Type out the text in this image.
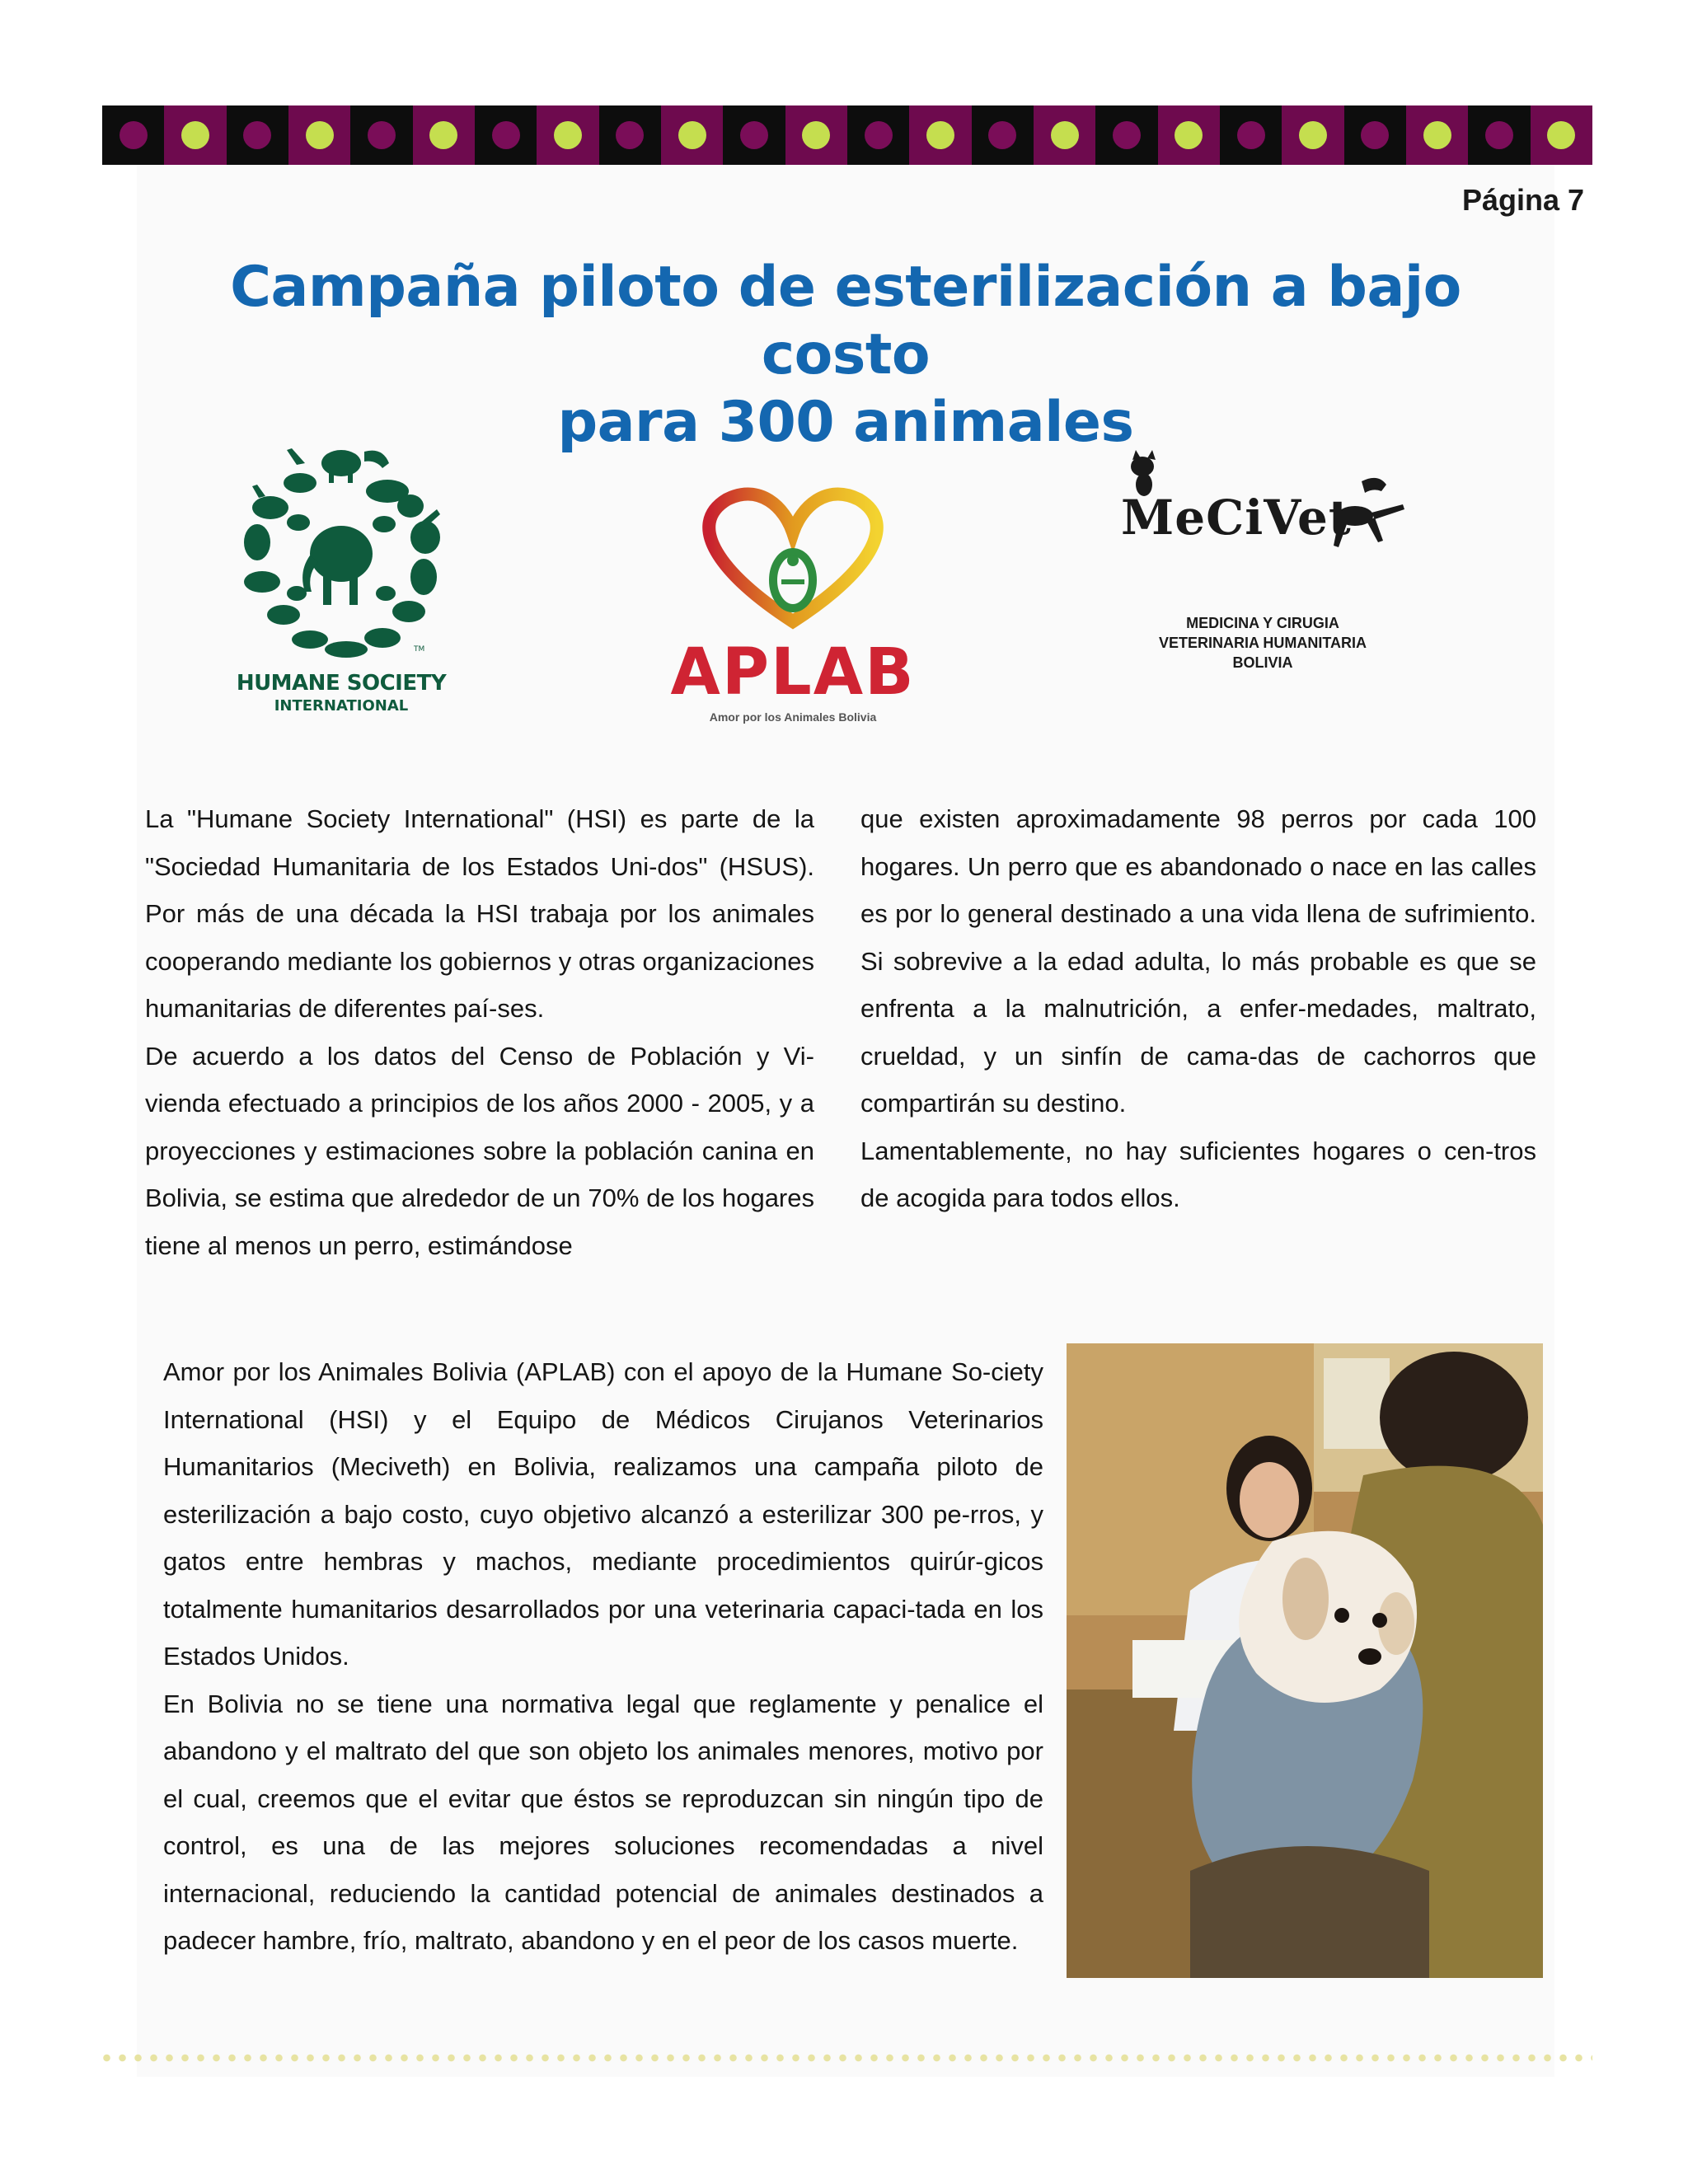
Página 7
Campaña piloto de esterilización a bajo costo
para 300 animales
TM
HUMANE SOCIETY
INTERNATIONAL	APLAB
Amor por los Animales Bolivia
MeCiVet
MEDICINA Y CIRUGIA
VETERINARIA HUMANITARIA
BOLIVIA

La "Humane Society International" (HSI) es parte de la "Sociedad Humanitaria de los Estados Uni-dos" (HSUS). Por más de una década la HSI trabaja por los animales cooperando mediante los gobiernos y otras organizaciones humanitarias de diferentes paí-ses.

De acuerdo a los datos del Censo de Población y Vi-vienda efectuado a principios de los años 2000 - 2005, y a proyecciones y estimaciones sobre la población canina en Bolivia, se estima que alrededor de un 70% de los hogares tiene al menos un perro, estimándose

que existen aproximadamente 98 perros por cada 100 hogares. Un perro que es abandonado o nace en las calles es por lo general destinado a una vida llena de sufrimiento. Si sobrevive a la edad adulta, lo más probable es que se enfrenta a la malnutrición, a enfer-medades, maltrato, crueldad, y un sinfín de cama-das de cachorros que compartirán su destino.

Lamentablemente, no hay suficientes hogares o cen-tros de acogida para todos ellos.

Amor por los Animales Bolivia (APLAB) con el apoyo de la Humane So-ciety International (HSI) y el Equipo de Médicos Cirujanos Veterinarios Humanitarios (Meciveth) en Bolivia, realizamos una campaña piloto de esterilización a bajo costo, cuyo objetivo alcanzó a esterilizar 300 pe-rros, y gatos entre hembras y machos, mediante procedimientos quirúr-gicos totalmente humanitarios desarrollados por una veterinaria capaci-tada en los Estados Unidos.

En Bolivia no se tiene una normativa legal que reglamente y penalice el abandono y el maltrato del que son objeto los animales menores, motivo por el cual, creemos que el evitar que éstos se reproduzcan sin ningún tipo de control, es una de las mejores soluciones recomendadas a nivel internacional, reduciendo la cantidad potencial de animales destinados a padecer hambre, frío, maltrato, abandono y en el peor de los casos muerte.
